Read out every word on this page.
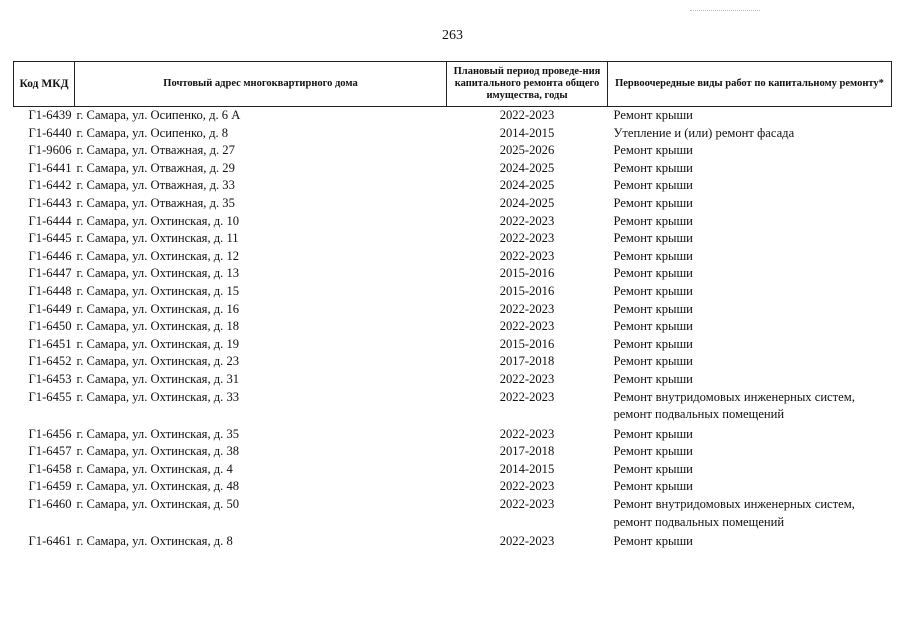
263
Код МКД	Почтовый адрес многоквартирного дома	Плановый период проведе-ния капитального ремонта общего имущества, годы	Первоочередные виды работ по капитальному ремонту*
Г1-6439	г. Самара, ул. Осипенко, д. 6 А	2022-2023	Ремонт крыши
Г1-6440	г. Самара, ул. Осипенко, д. 8	2014-2015	Утепление и (или) ремонт фасада
Г1-9606	г. Самара, ул. Отважная, д. 27	2025-2026	Ремонт крыши
Г1-6441	г. Самара, ул. Отважная, д. 29	2024-2025	Ремонт крыши
Г1-6442	г. Самара, ул. Отважная, д. 33	2024-2025	Ремонт крыши
Г1-6443	г. Самара, ул. Отважная, д. 35	2024-2025	Ремонт крыши
Г1-6444	г. Самара, ул. Охтинская, д. 10	2022-2023	Ремонт крыши
Г1-6445	г. Самара, ул. Охтинская, д. 11	2022-2023	Ремонт крыши
Г1-6446	г. Самара, ул. Охтинская, д. 12	2022-2023	Ремонт крыши
Г1-6447	г. Самара, ул. Охтинская, д. 13	2015-2016	Ремонт крыши
Г1-6448	г. Самара, ул. Охтинская, д. 15	2015-2016	Ремонт крыши
Г1-6449	г. Самара, ул. Охтинская, д. 16	2022-2023	Ремонт крыши
Г1-6450	г. Самара, ул. Охтинская, д. 18	2022-2023	Ремонт крыши
Г1-6451	г. Самара, ул. Охтинская, д. 19	2015-2016	Ремонт крыши
Г1-6452	г. Самара, ул. Охтинская, д. 23	2017-2018	Ремонт крыши
Г1-6453	г. Самара, ул. Охтинская, д. 31	2022-2023	Ремонт крыши
Г1-6455	г. Самара, ул. Охтинская, д. 33	2022-2023	Ремонт внутридомовых инженерных систем, ремонт подвальных помещений
Г1-6456	г. Самара, ул. Охтинская, д. 35	2022-2023	Ремонт крыши
Г1-6457	г. Самара, ул. Охтинская, д. 38	2017-2018	Ремонт крыши
Г1-6458	г. Самара, ул. Охтинская, д. 4	2014-2015	Ремонт крыши
Г1-6459	г. Самара, ул. Охтинская, д. 48	2022-2023	Ремонт крыши
Г1-6460	г. Самара, ул. Охтинская, д. 50	2022-2023	Ремонт внутридомовых инженерных систем, ремонт подвальных помещений
Г1-6461	г. Самара, ул. Охтинская, д. 8	2022-2023	Ремонт крыши
